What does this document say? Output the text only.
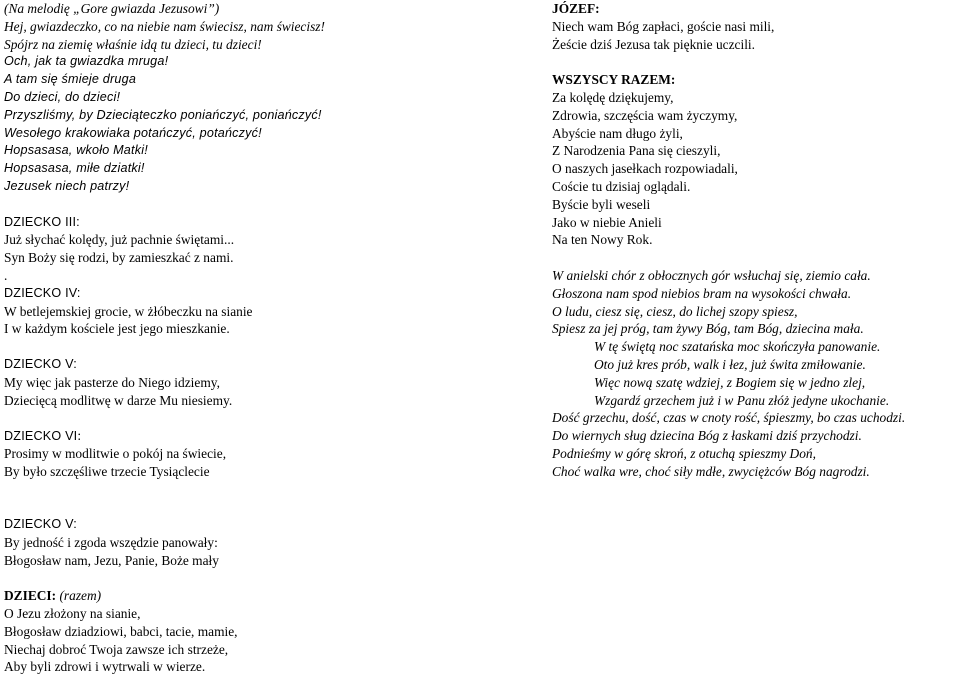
(Na melodię „Gore gwiazda Jezusowi”)
Hej, gwiazdeczko, co na niebie nam świecisz, nam świecisz!
Spójrz na ziemię właśnie idą tu dzieci, tu dzieci!
Och, jak ta gwiazdka mruga!
A tam się śmieje druga
Do dzieci, do dzieci!
Przyszliśmy, by Dzieciąteczko poniańczyć, poniańczyć!
Wesołego krakowiaka potańczyć, potańczyć!
Hopsasasa, wkoło Matki!
Hopsasasa, miłe dziatki!
Jezusek niech patrzy!
DZIECKO III:
Już słychać kolędy, już pachnie świętami...
Syn Boży się rodzi, by zamieszkać z nami.
.
DZIECKO IV:
W betlejemskiej grocie, w żłóbeczku na sianie
I w każdym kościele jest jego mieszkanie.
DZIECKO V:
My więc jak pasterze do Niego idziemy,
Dziecięcą modlitwę w darze Mu niesiemy.
DZIECKO VI:
Prosimy w modlitwie o pokój na świecie,
By było szczęśliwe trzecie Tysiąclecie
DZIECKO V:
By jedność i zgoda wszędzie panowały:
Błogosław nam, Jezu, Panie, Boże mały
DZIECI: (razem)
O Jezu złożony na sianie,
Błogosław dziadziowi, babci, tacie, mamie,
Niechaj dobroć Twoja zawsze ich strzeże,
Aby byli zdrowi i wytrwali w wierze.
JÓZEF:
Niech wam Bóg zapłaci, goście nasi mili,
Żeście dziś Jezusa tak pięknie uczcili.
WSZYSCY RAZEM:
Za kolędę dziękujemy,
Zdrowia, szczęścia wam życzymy,
Abyście nam długo żyli,
Z Narodzenia Pana się cieszyli,
O naszych jasełkach rozpowiadali,
Coście tu dzisiaj oglądali.
Byście byli weseli
Jako w niebie Anieli
Na ten Nowy Rok.
W anielski chór z obłocznych gór wsłuchaj się, ziemio cała.
Głoszona nam spod niebios bram na wysokości chwała.
O ludu, ciesz się, ciesz, do lichej szopy spiesz,
Spiesz za jej próg, tam żywy Bóg, tam Bóg, dziecina mała.
W tę świętą noc szatańska moc skończyła panowanie.
Oto już kres prób, walk i łez, już świta zmiłowanie.
Więc nową szatę wdziej, z Bogiem się w jedno zlej,
Wzgardź grzechem już i w Panu złóż jedyne ukochanie.
Dość grzechu, dość, czas w cnoty rość, śpieszmy, bo czas uchodzi.
Do wiernych sług dziecina Bóg z łaskami dziś przychodzi.
Podnieśmy w górę skroń, z otuchą spieszmy Doń,
Choć walka wre, choć siły mdłe, zwyciężców Bóg nagrodzi.
